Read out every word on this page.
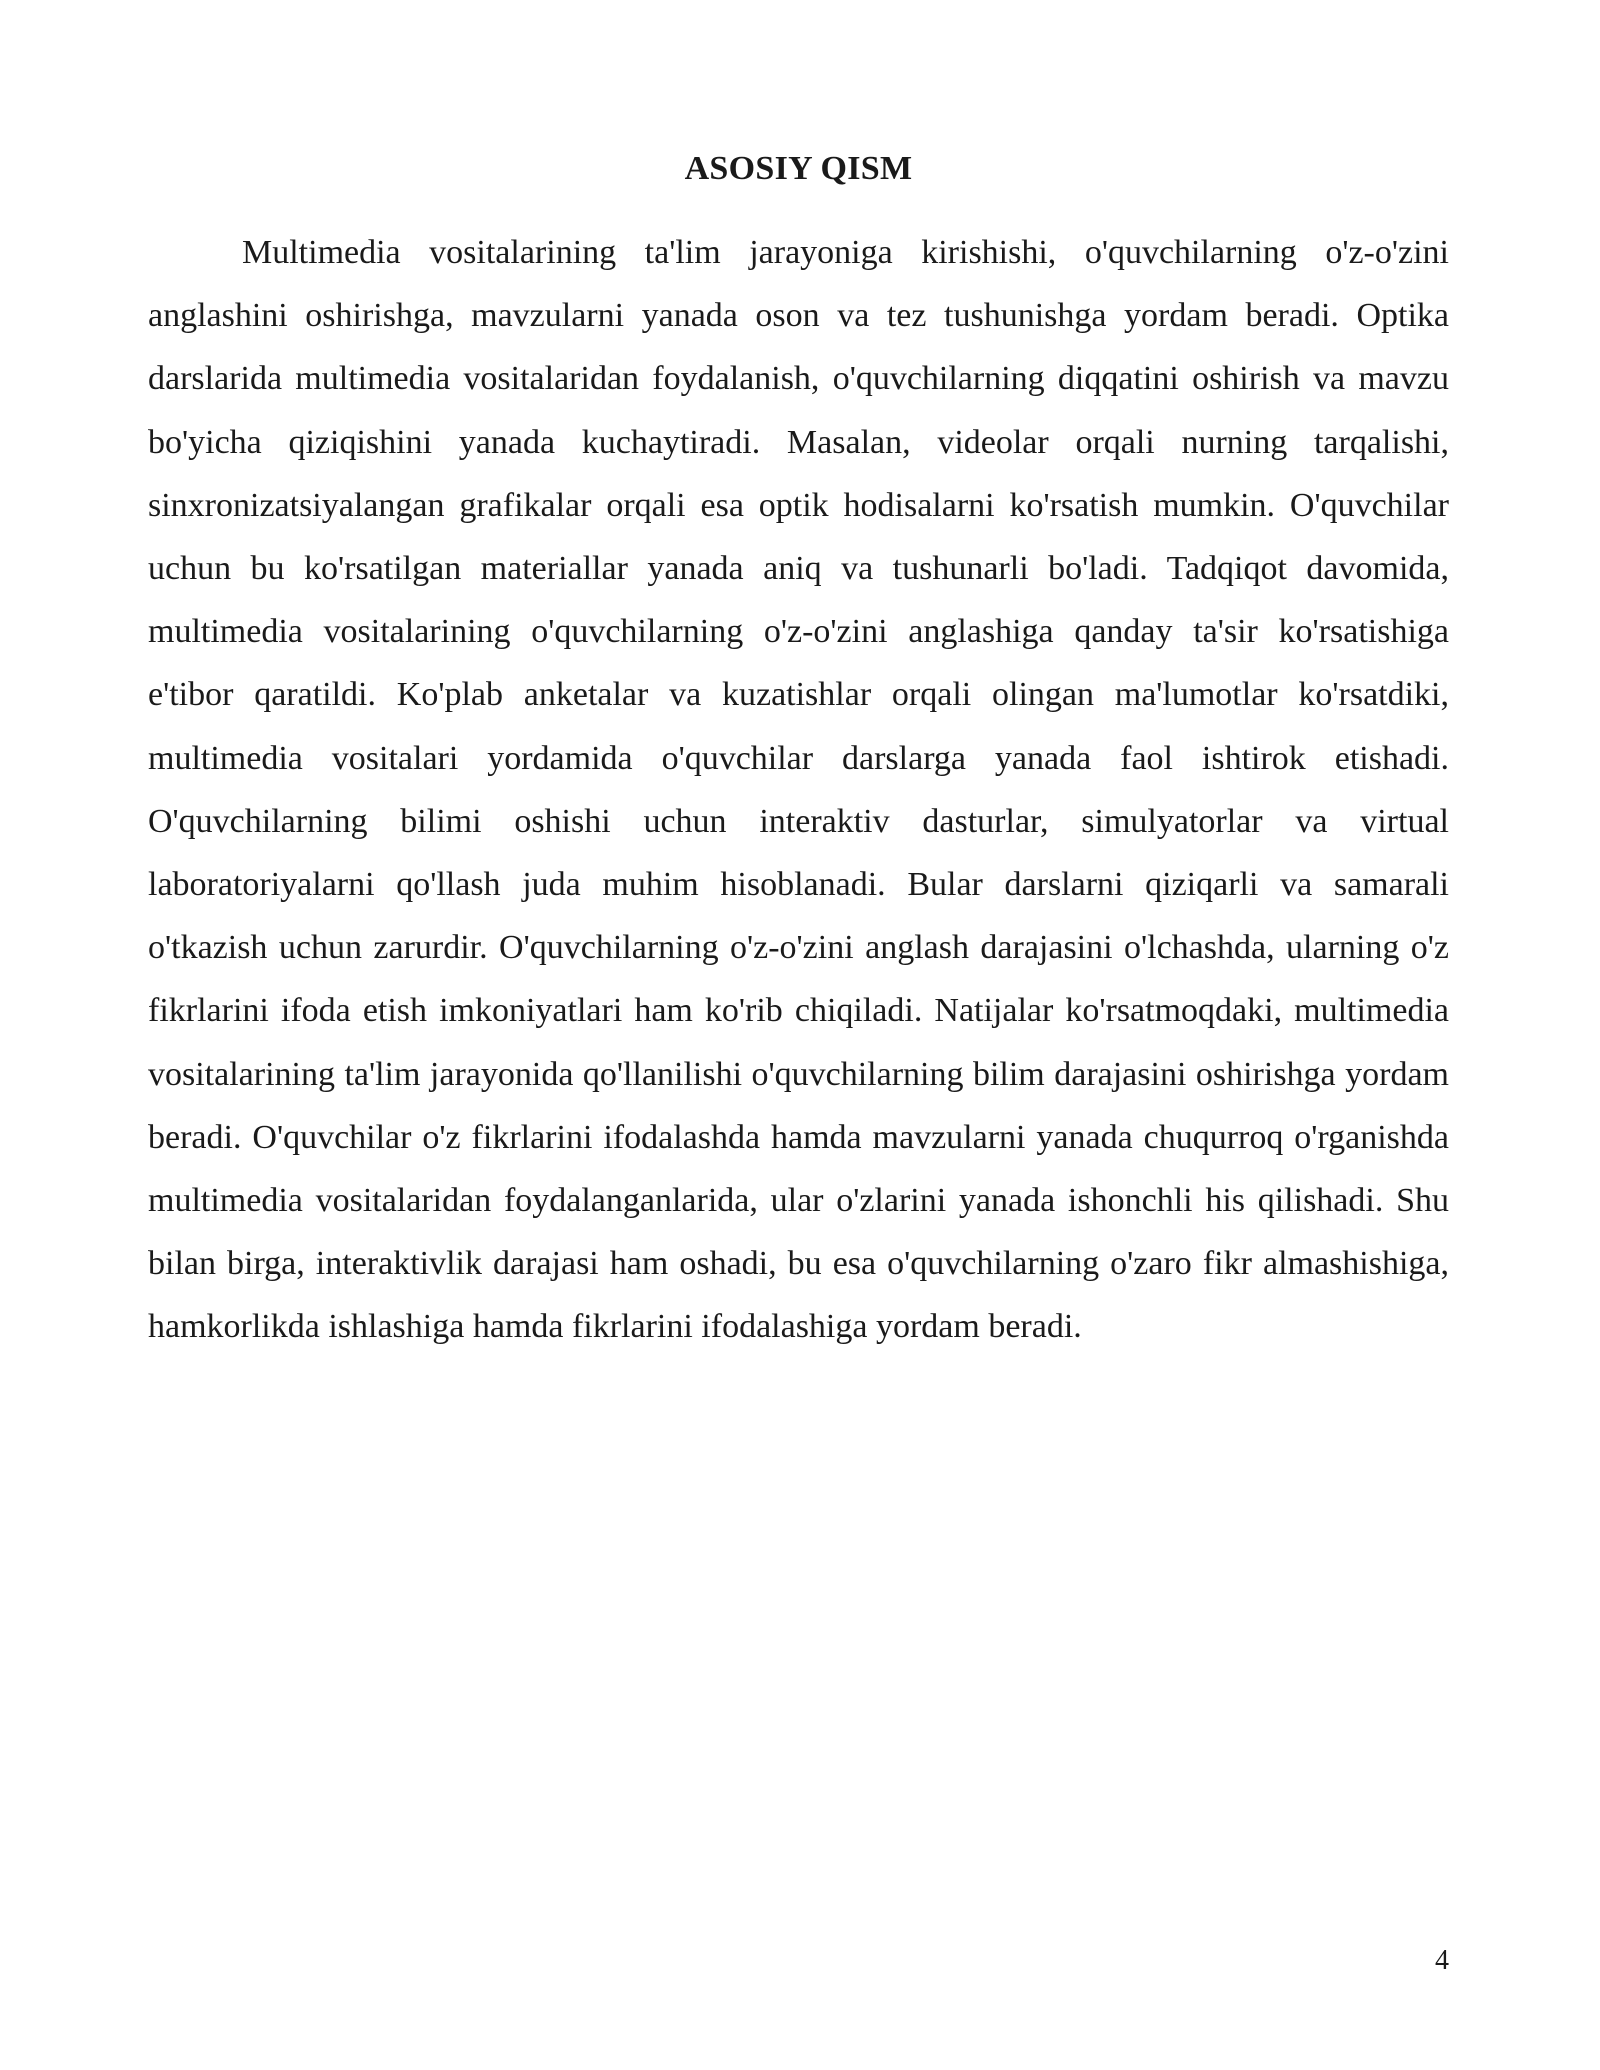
ASOSIY QISM

Multimedia vositalarining ta'lim jarayoniga kirishishi, o'quvchilarning o'z-o'zini anglashini oshirishga, mavzularni yanada oson va tez tushunishga yordam beradi. Optika darslarida multimedia vositalaridan foydalanish, o'quvchilarning diqqatini oshirish va mavzu bo'yicha qiziqishini yanada kuchaytiradi. Masalan, videolar orqali nurning tarqalishi, sinxronizatsiyalangan grafikalar orqali esa optik hodisalarni ko'rsatish mumkin. O'quvchilar uchun bu ko'rsatilgan materiallar yanada aniq va tushunarli bo'ladi. Tadqiqot davomida, multimedia vositalarining o'quvchilarning o'z-o'zini anglashiga qanday ta'sir ko'rsatishiga e'tibor qaratildi. Ko'plab anketalar va kuzatishlar orqali olingan ma'lumotlar ko'rsatdiki, multimedia vositalari yordamida o'quvchilar darslarga yanada faol ishtirok etishadi. O'quvchilarning bilimi oshishi uchun interaktiv dasturlar, simulyatorlar va virtual laboratoriyalarni qo'llash juda muhim hisoblanadi. Bular darslarni qiziqarli va samarali o'tkazish uchun zarurdir. O'quvchilarning o'z-o'zini anglash darajasini o'lchashda, ularning o'z fikrlarini ifoda etish imkoniyatlari ham ko'rib chiqiladi. Natijalar ko'rsatmoqdaki, multimedia vositalarining ta'lim jarayonida qo'llanilishi o'quvchilarning bilim darajasini oshirishga yordam beradi. O'quvchilar o'z fikrlarini ifodalashda hamda mavzularni yanada chuqurroq o'rganishda multimedia vositalaridan foydalanganlarida, ular o'zlarini yanada ishonchli his qilishadi. Shu bilan birga, interaktivlik darajasi ham oshadi, bu esa o'quvchilarning o'zaro fikr almashishiga, hamkorlikda ishlashiga hamda fikrlarini ifodalashiga yordam beradi.

4
